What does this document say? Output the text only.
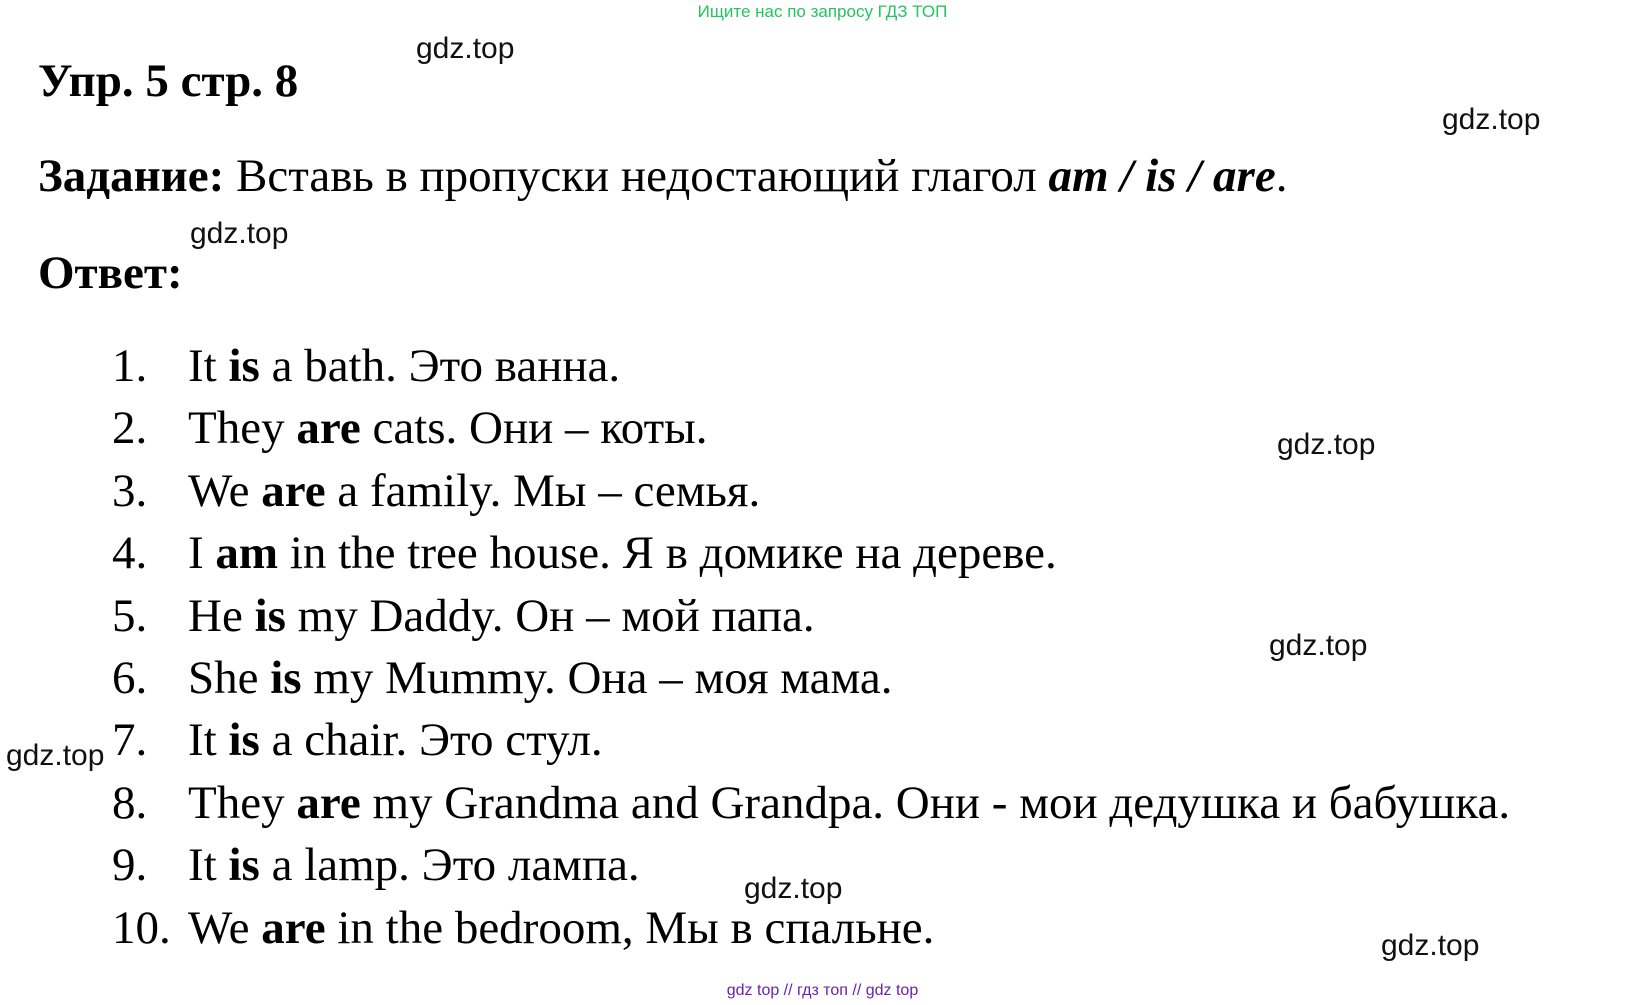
Ищите нас по запросу ГДЗ ТОП
Упр. 5 стр. 8

Задание: Вставь в пропуски недостающий глагол am / is / are.

Ответ:

1. It is a bath. Это ванна.
2. They are cats. Они – коты.
3. We are a family. Мы – семья.
4. I am in the tree house. Я в домике на дереве.
5. He is my Daddy. Он – мой папа.
6. She is my Mummy. Она – моя мама.
7. It is a chair. Это стул.
8. They are my Grandma and Grandpa. Они - мои дедушка и бабушка.
9. It is a lamp. Это лампа.
10. We are in the bedroom, Мы в спальне.
gdz.top
gdz.top
gdz.top
gdz.top
gdz.top
gdz.top
gdz.top
gdz.top
gdz top // гдз топ // gdz top
